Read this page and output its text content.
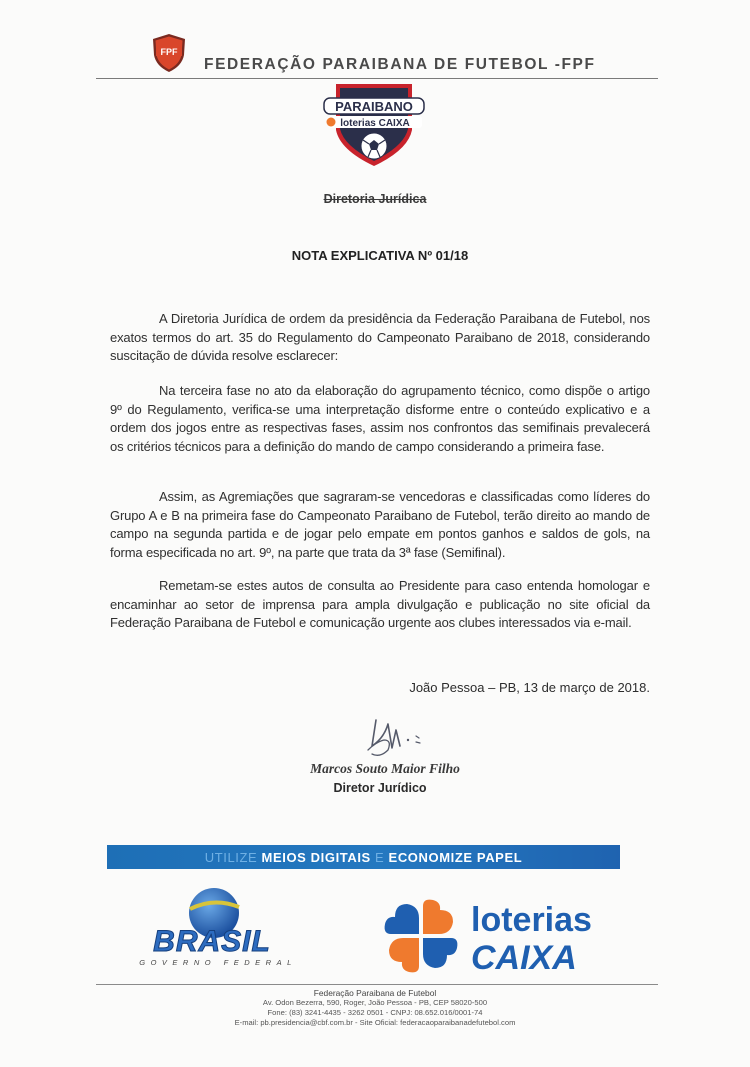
FPF
FEDERAÇÃO PARAIBANA DE FUTEBOL -FPF
PARAIBANO
loterias CAIXA
Diretoria Jurídica
NOTA EXPLICATIVA Nº 01/18

A Diretoria Jurídica de ordem da presidência da Federação Paraibana de Futebol, nos exatos termos do art. 35 do Regulamento do Campeonato Paraibano de 2018, considerando suscitação de dúvida resolve esclarecer:

Na terceira fase no ato da elaboração do agrupamento técnico, como dispõe o artigo 9º do Regulamento, verifica-se uma interpretação disforme entre o conteúdo explicativo e a ordem dos jogos entre as respectivas fases, assim nos confrontos das semifinais prevalecerá os critérios técnicos para a definição do mando de campo considerando a primeira fase.

Assim, as Agremiações que sagraram-se vencedoras e classificadas como líderes do Grupo A e B na primeira fase do Campeonato Paraibano de Futebol, terão direito ao mando de campo na segunda partida e de jogar pelo empate em pontos ganhos e saldos de gols, na forma especificada no art. 9º, na parte que trata da 3ª fase (Semifinal).

Remetam-se estes autos de consulta ao Presidente para caso entenda homologar e encaminhar ao setor de imprensa para ampla divulgação e publicação no site oficial da Federação Paraibana de Futebol e comunicação urgente aos clubes interessados via e-mail.

João Pessoa – PB, 13 de março de 2018.
Marcos Souto Maior Filho
Diretor Jurídico
UTILIZE
MEIOS DIGITAIS
E
ECONOMIZE PAPEL
BRASIL
GOVERNO FEDERAL
loterias
CAIXA
Federação Paraibana de Futebol
Av. Odon Bezerra, 590, Roger, João Pessoa - PB, CEP 58020-500
Fone: (83) 3241-4435 - 3262 0501 - CNPJ: 08.652.016/0001-74
E-mail: pb.presidencia@cbf.com.br - Site Oficial: federacaoparaibanadefutebol.com
